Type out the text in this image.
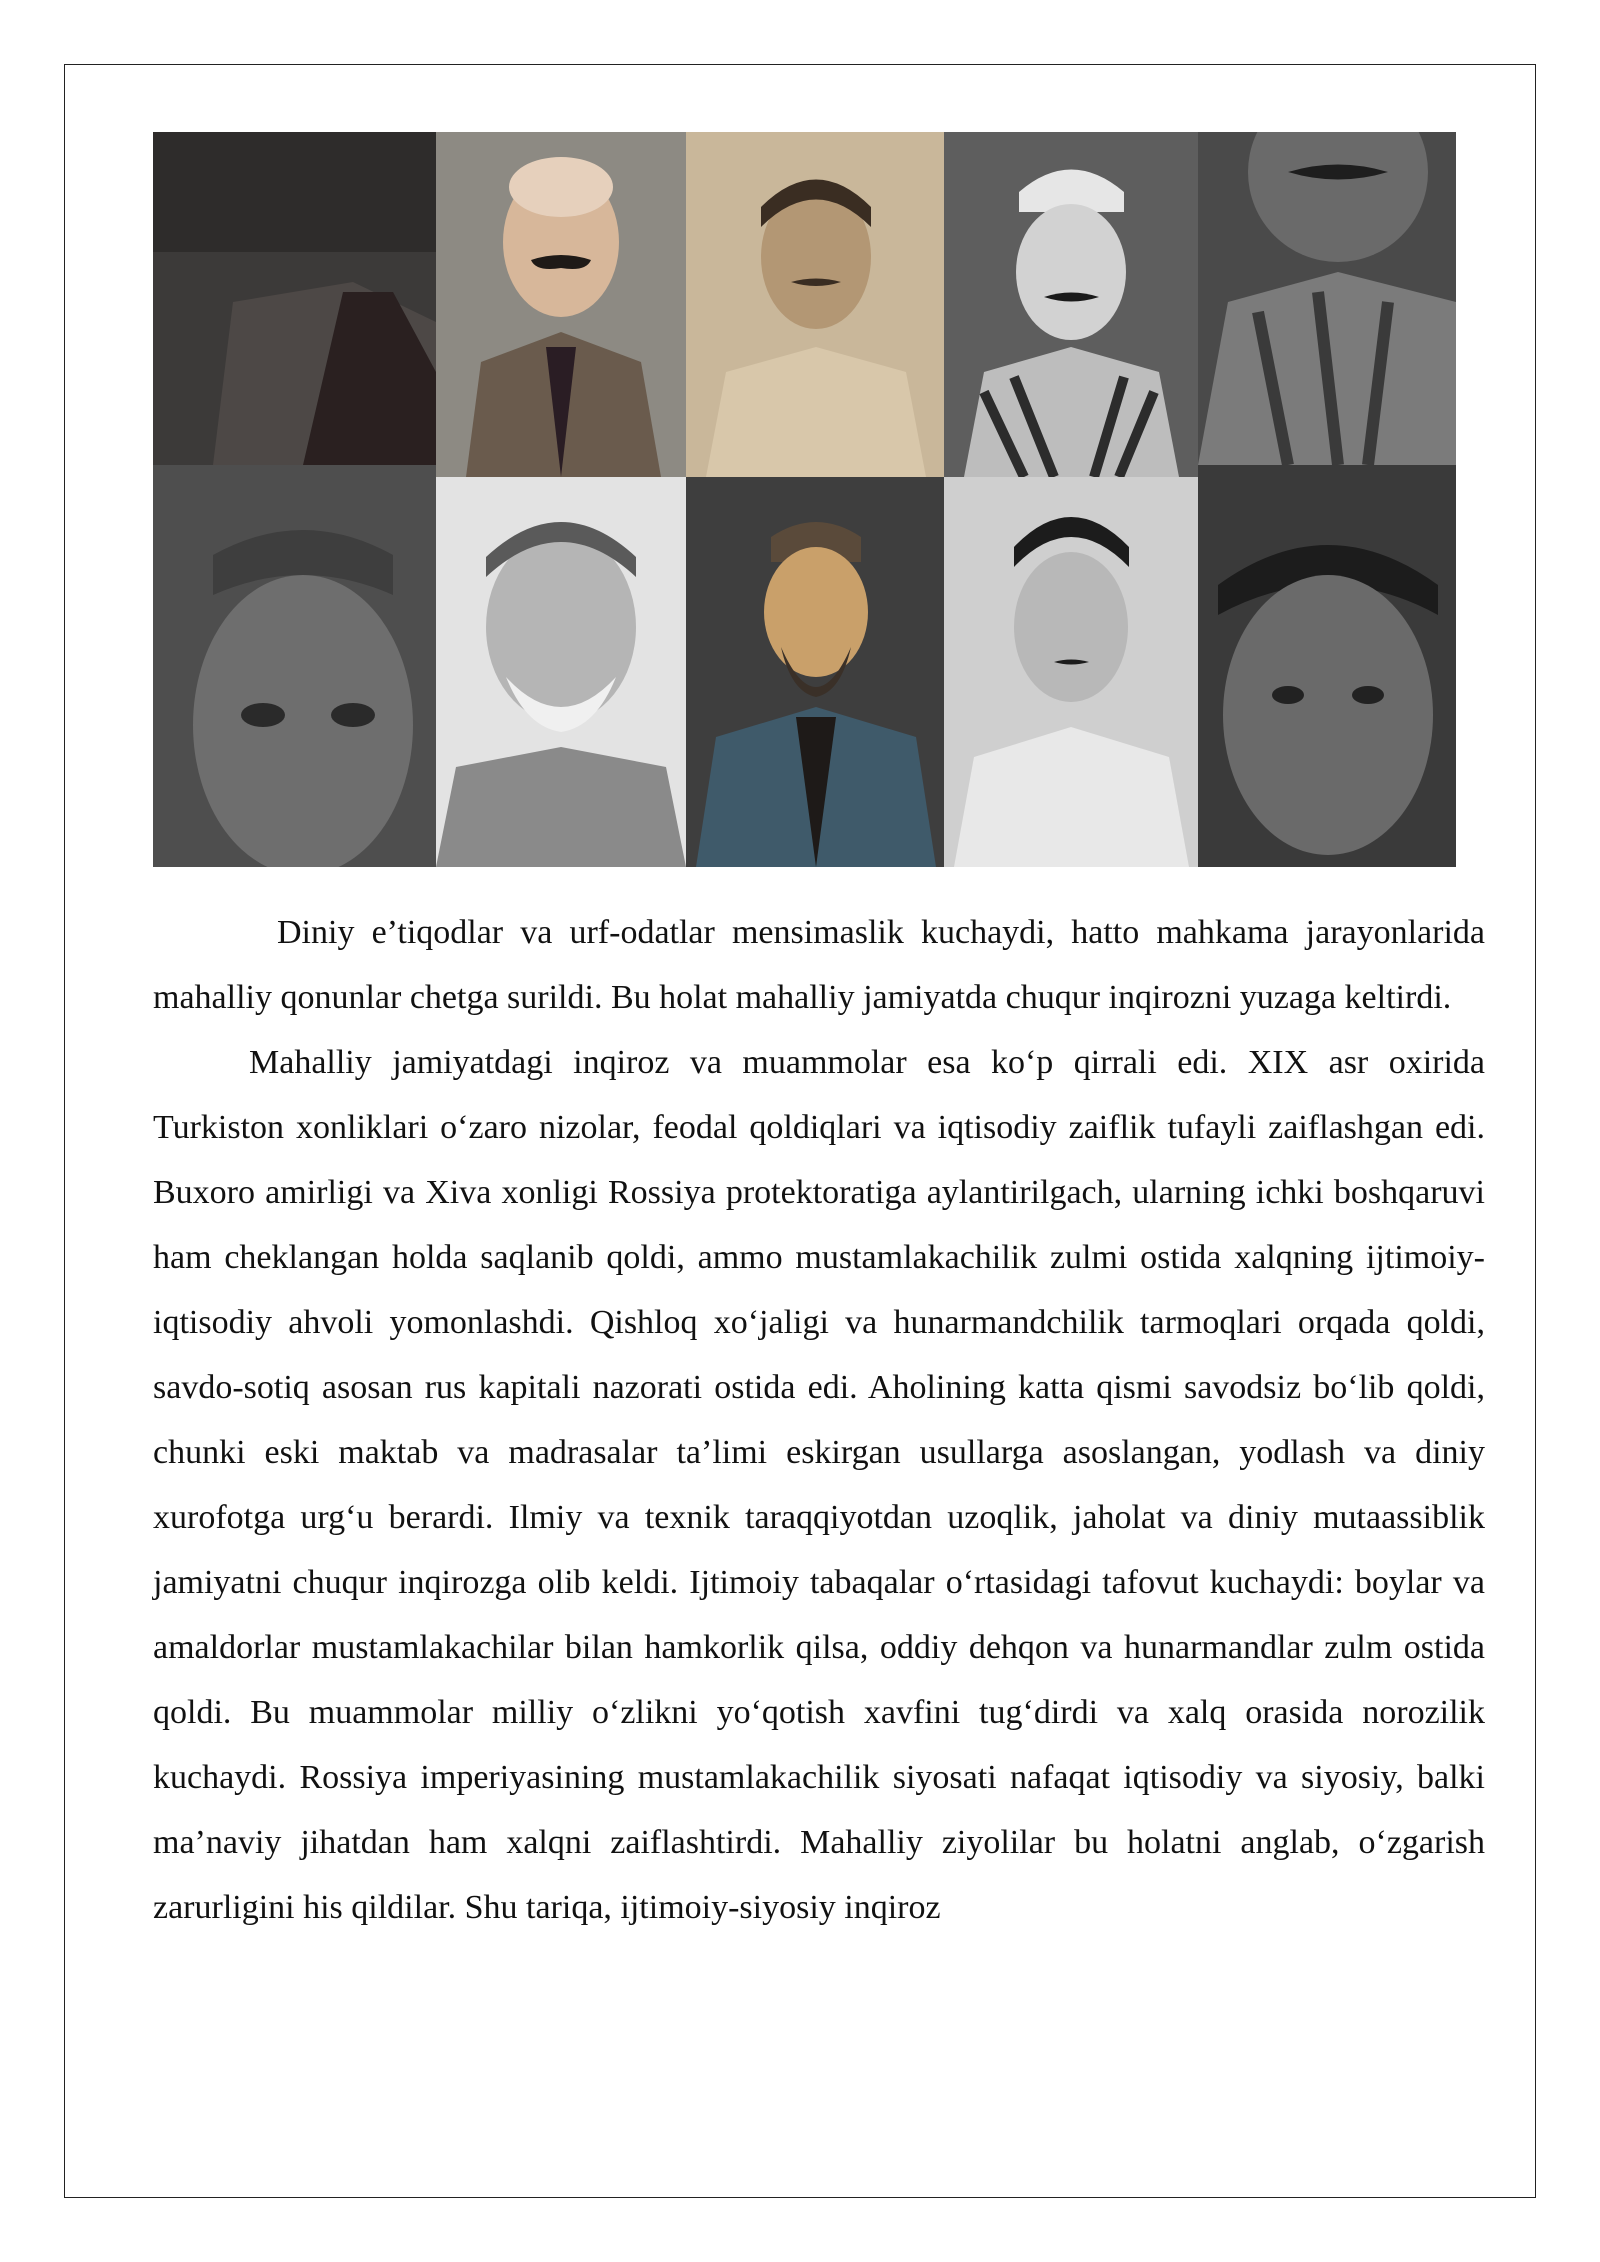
Diniy e’tiqodlar va urf-odatlar mensimaslik kuchaydi, hatto mahkama jarayonlarida mahalliy qonunlar chetga surildi. Bu holat mahalliy jamiyatda chuqur inqirozni yuzaga keltirdi.

Mahalliy jamiyatdagi inqiroz va muammolar esa ko‘p qirrali edi. XIX asr oxirida Turkiston xonliklari o‘zaro nizolar, feodal qoldiqlari va iqtisodiy zaiflik tufayli zaiflashgan edi. Buxoro amirligi va Xiva xonligi Rossiya protektoratiga aylantirilgach, ularning ichki boshqaruvi ham cheklangan holda saqlanib qoldi, ammo mustamlakachilik zulmi ostida xalqning ijtimoiy-iqtisodiy ahvoli yomonlashdi. Qishloq xo‘jaligi va hunarmandchilik tarmoqlari orqada qoldi, savdo-sotiq asosan rus kapitali nazorati ostida edi. Aholining katta qismi savodsiz bo‘lib qoldi, chunki eski maktab va madrasalar ta’limi eskirgan usullarga asoslangan, yodlash va diniy xurofotga urg‘u berardi. Ilmiy va texnik taraqqiyotdan uzoqlik, jaholat va diniy mutaassiblik jamiyatni chuqur inqirozga olib keldi. Ijtimoiy tabaqalar o‘rtasidagi tafovut kuchaydi: boylar va amaldorlar mustamlakachilar bilan hamkorlik qilsa, oddiy dehqon va hunarmandlar zulm ostida qoldi. Bu muammolar milliy o‘zlikni yo‘qotish xavfini tug‘dirdi va xalq orasida norozilik kuchaydi. Rossiya imperiyasining mustamlakachilik siyosati nafaqat iqtisodiy va siyosiy, balki ma’naviy jihatdan ham xalqni zaiflashtirdi. Mahalliy ziyolilar bu holatni anglab, o‘zgarish zarurligini his qildilar. Shu tariqa, ijtimoiy-siyosiy inqiroz
